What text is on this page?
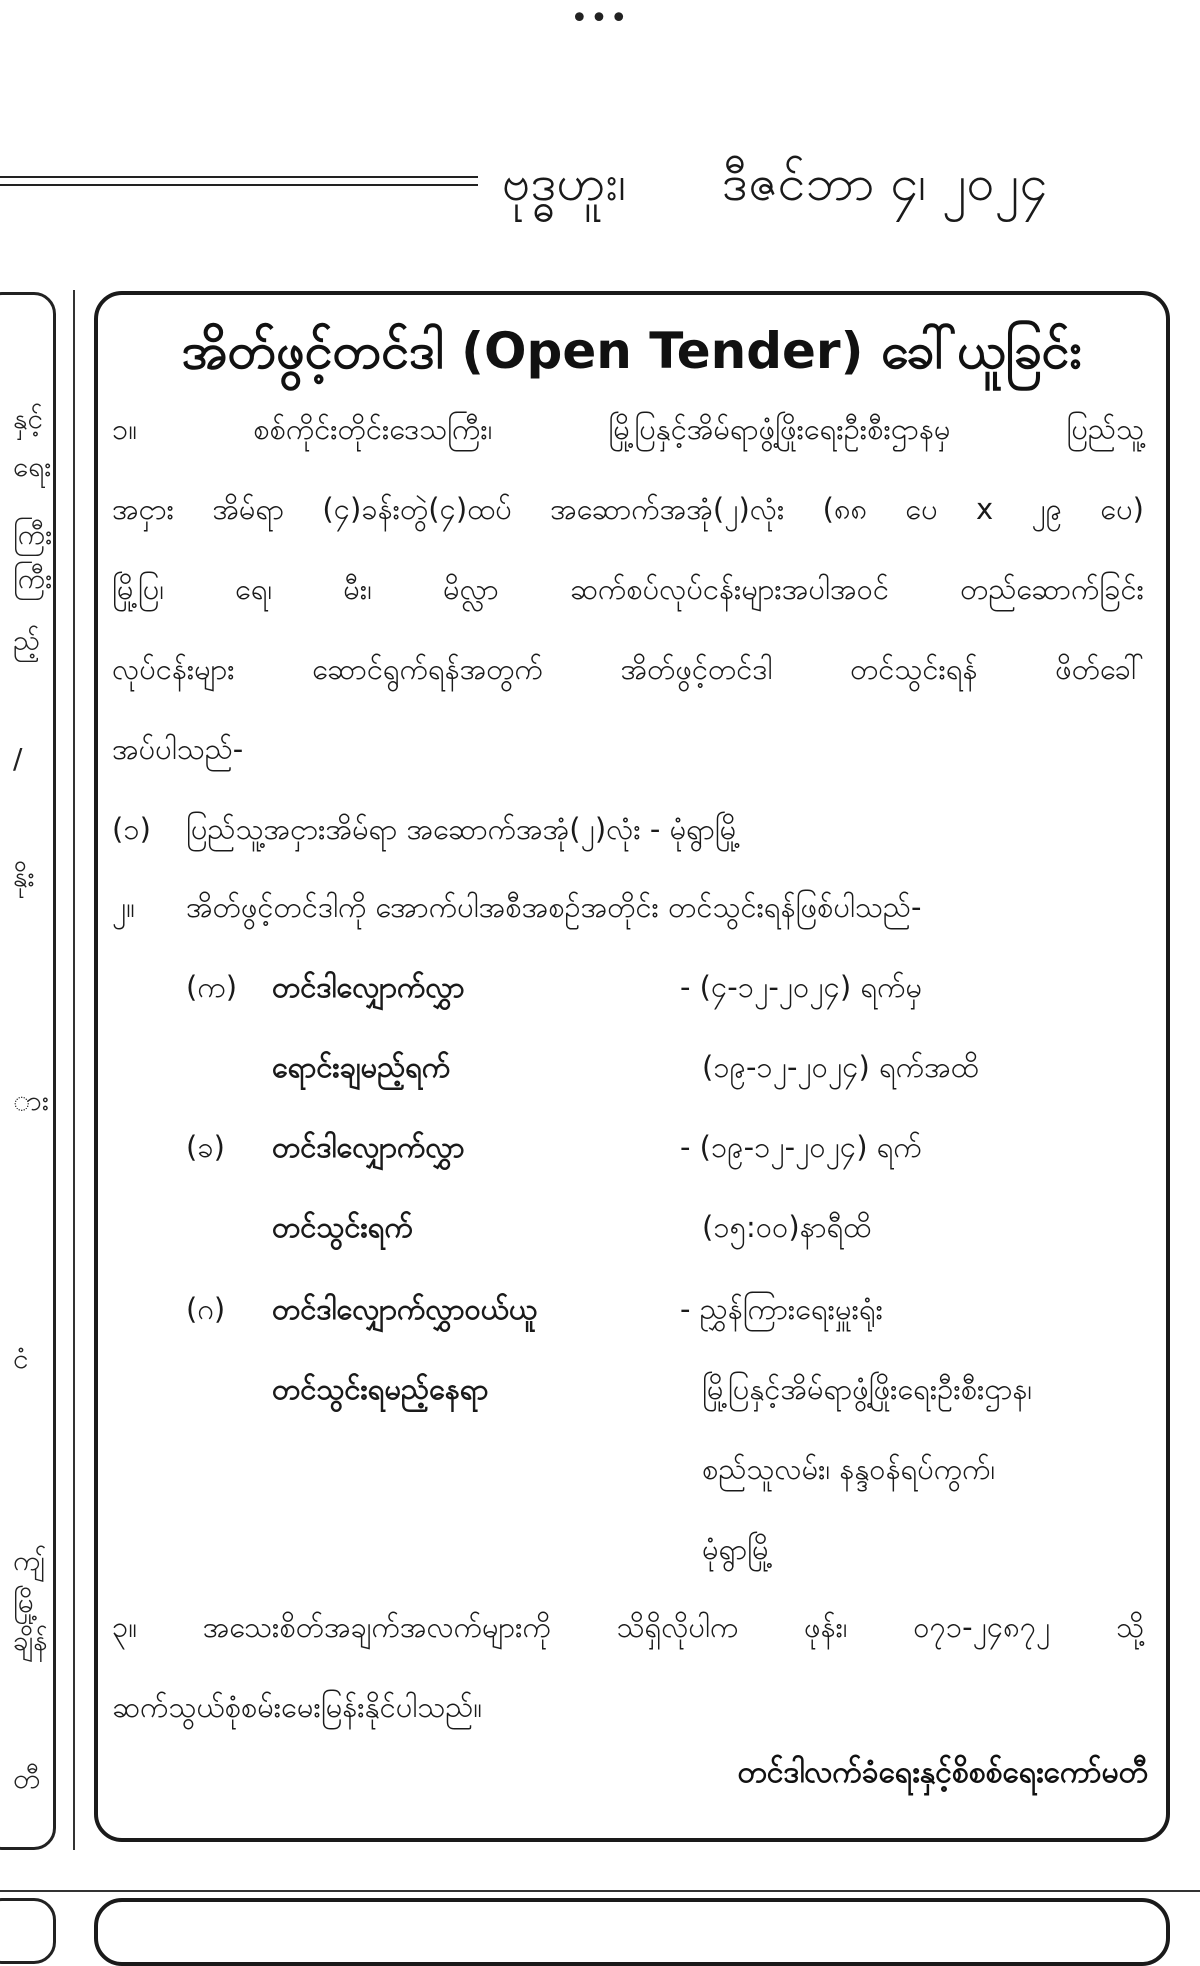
•••
ဗုဒ္ဓဟူး၊ ဒီဇင်ဘာ ၄၊ ၂၀၂၄
နှင့်
ရေး
ကြီး၊
ကြီး
ည့်
/
နိုး
ား
ငံ
ကျ်
မြို့
ချိန်
တီ
အိတ်ဖွင့်တင်ဒါ (Open Tender) ခေါ်ယူခြင်း
၁။ စစ်ကိုင်းတိုင်းဒေသကြီး၊ မြို့ပြနှင့်အိမ်ရာဖွံ့ဖြိုးရေးဦးစီးဌာနမှ ပြည်သူ့
အငှား အိမ်ရာ (၄)ခန်းတွဲ(၄)ထပ် အဆောက်အအုံ(၂)လုံး (၈၈ ပေ x ၂၉ ပေ)
မြို့ပြ၊ ရေ၊ မီး၊ မိလ္လာ ဆက်စပ်လုပ်ငန်းများအပါအဝင် တည်ဆောက်ခြင်း
လုပ်ငန်းများ ဆောင်ရွက်ရန်အတွက် အိတ်ဖွင့်တင်ဒါ တင်သွင်းရန် ဖိတ်ခေါ်
အပ်ပါသည်-
(၁) ပြည်သူ့အငှားအိမ်ရာ အဆောက်အအုံ(၂)လုံး - မုံရွာမြို့
၂။ အိတ်ဖွင့်တင်ဒါကို အောက်ပါအစီအစဉ်အတိုင်း တင်သွင်းရန်ဖြစ်ပါသည်-
(က) တင်ဒါလျှောက်လွှာ	- (၄-၁၂-၂၀၂၄) ရက်မှ
ရောင်းချမည့်ရက်	(၁၉-၁၂-၂၀၂၄) ရက်အထိ
(ခ) တင်ဒါလျှောက်လွှာ	- (၁၉-၁၂-၂၀၂၄) ရက်
တင်သွင်းရက်	(၁၅:၀၀)နာရီထိ
(ဂ) တင်ဒါလျှောက်လွှာဝယ်ယူ	- ညွှန်ကြားရေးမှူးရုံး
တင်သွင်းရမည့်နေရာ	မြို့ပြနှင့်အိမ်ရာဖွံ့ဖြိုးရေးဦးစီးဌာန၊
စည်သူလမ်း၊ နန္ဒဝန်ရပ်ကွက်၊
မုံရွာမြို့
၃။ အသေးစိတ်အချက်အလက်များကို သိရှိလိုပါက ဖုန်း၊ ၀၇၁-၂၄၈၇၂ သို့
ဆက်သွယ်စုံစမ်းမေးမြန်းနိုင်ပါသည်။
တင်ဒါလက်ခံရေးနှင့်စိစစ်ရေးကော်မတီ
